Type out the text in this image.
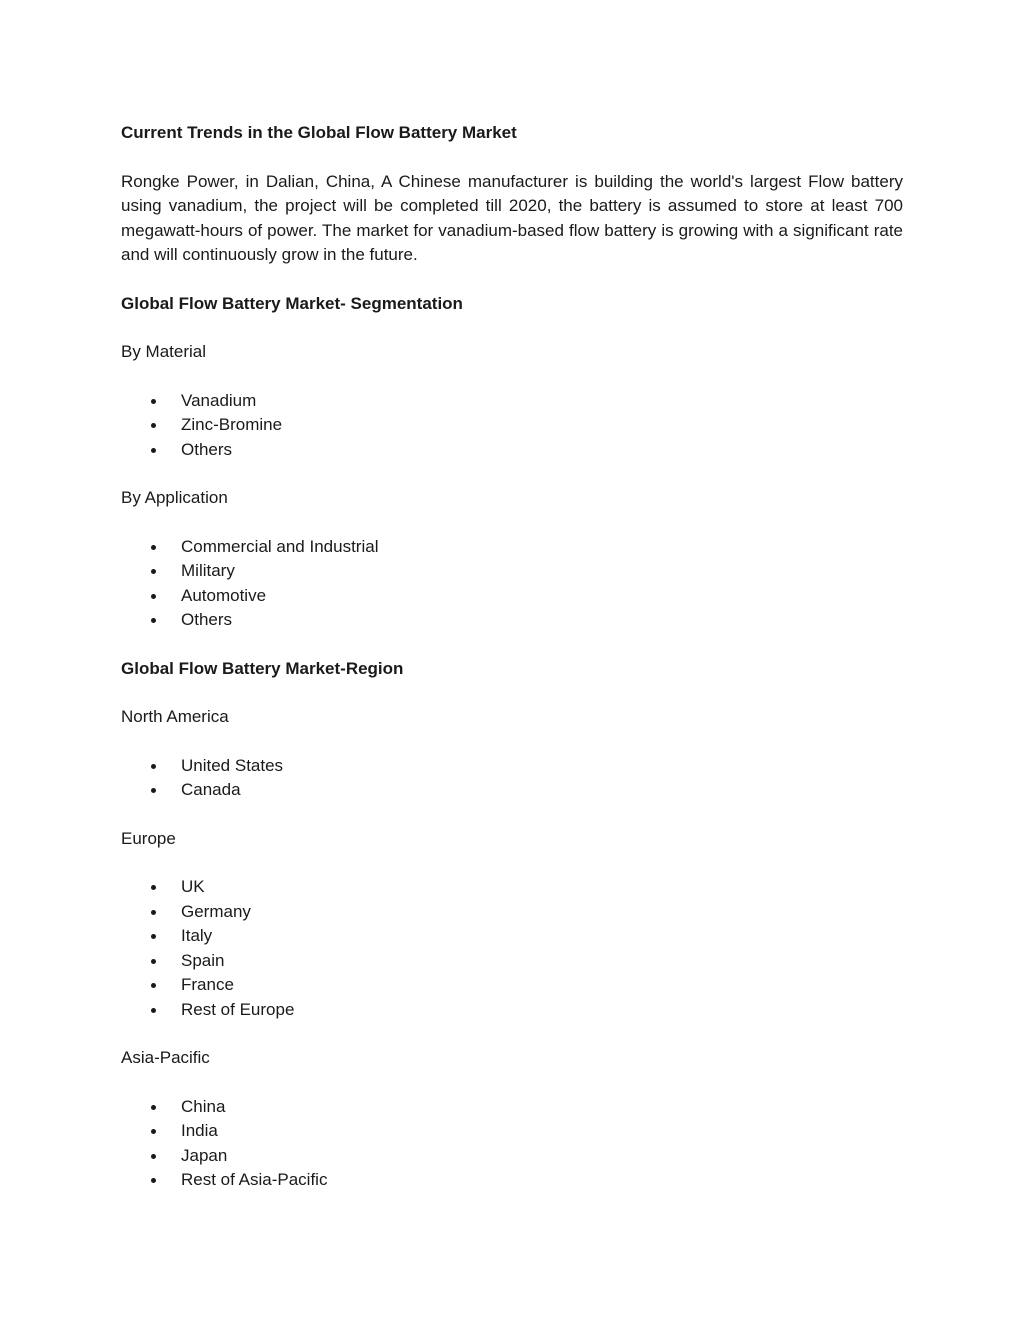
Current Trends in the Global Flow Battery Market

Rongke Power, in Dalian, China, A Chinese manufacturer is building the world's largest Flow battery using vanadium, the project will be completed till 2020, the battery is assumed to store at least 700 megawatt-hours of power. The market for vanadium-based flow battery is growing with a significant rate and will continuously grow in the future.

Global Flow Battery Market- Segmentation

By Material

Vanadium
Zinc-Bromine
Others

By Application

Commercial and Industrial
Military
Automotive
Others

Global Flow Battery Market-Region

North America

United States
Canada

Europe

UK
Germany
Italy
Spain
France
Rest of Europe

Asia-Pacific

China
India
Japan
Rest of Asia-Pacific
